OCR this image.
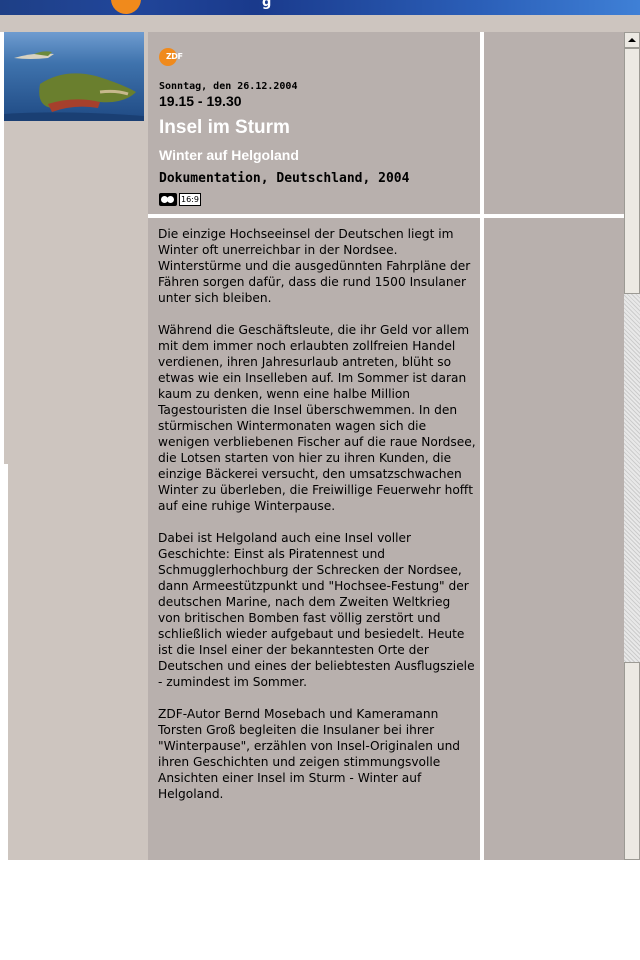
g
ZDF
Sonntag, den 26.12.2004
19.15 - 19.30
Insel im Sturm
Winter auf Helgoland
Dokumentation, Deutschland, 2004
16:9

Die einzige Hochseeinsel der Deutschen liegt im Winter oft unerreichbar in der Nordsee. Winterstürme und die ausgedünnten Fahrpläne der Fähren sorgen dafür, dass die rund 1500 Insulaner unter sich bleiben.

Während die Geschäftsleute, die ihr Geld vor allem mit dem immer noch erlaubten zollfreien Handel verdienen, ihren Jahresurlaub antreten, blüht so etwas wie ein Inselleben auf. Im Sommer ist daran kaum zu denken, wenn eine halbe Million Tagestouristen die Insel überschwemmen. In den stürmischen Wintermonaten wagen sich die wenigen verbliebenen Fischer auf die raue Nordsee, die Lotsen starten von hier zu ihren Kunden, die einzige Bäckerei versucht, den umsatzschwachen Winter zu überleben, die Freiwillige Feuerwehr hofft auf eine ruhige Winterpause.

Dabei ist Helgoland auch eine Insel voller Geschichte: Einst als Piratennest und Schmugglerhochburg der Schrecken der Nordsee, dann Armeestützpunkt und "Hochsee-Festung" der deutschen Marine, nach dem Zweiten Weltkrieg von britischen Bomben fast völlig zerstört und schließlich wieder aufgebaut und besiedelt. Heute ist die Insel einer der bekanntesten Orte der Deutschen und eines der beliebtesten Ausflugsziele - zumindest im Sommer.

ZDF-Autor Bernd Mosebach und Kameramann Torsten Groß begleiten die Insulaner bei ihrer "Winterpause", erzählen von Insel-Originalen und ihren Geschichten und zeigen stimmungsvolle Ansichten einer Insel im Sturm - Winter auf Helgoland.
